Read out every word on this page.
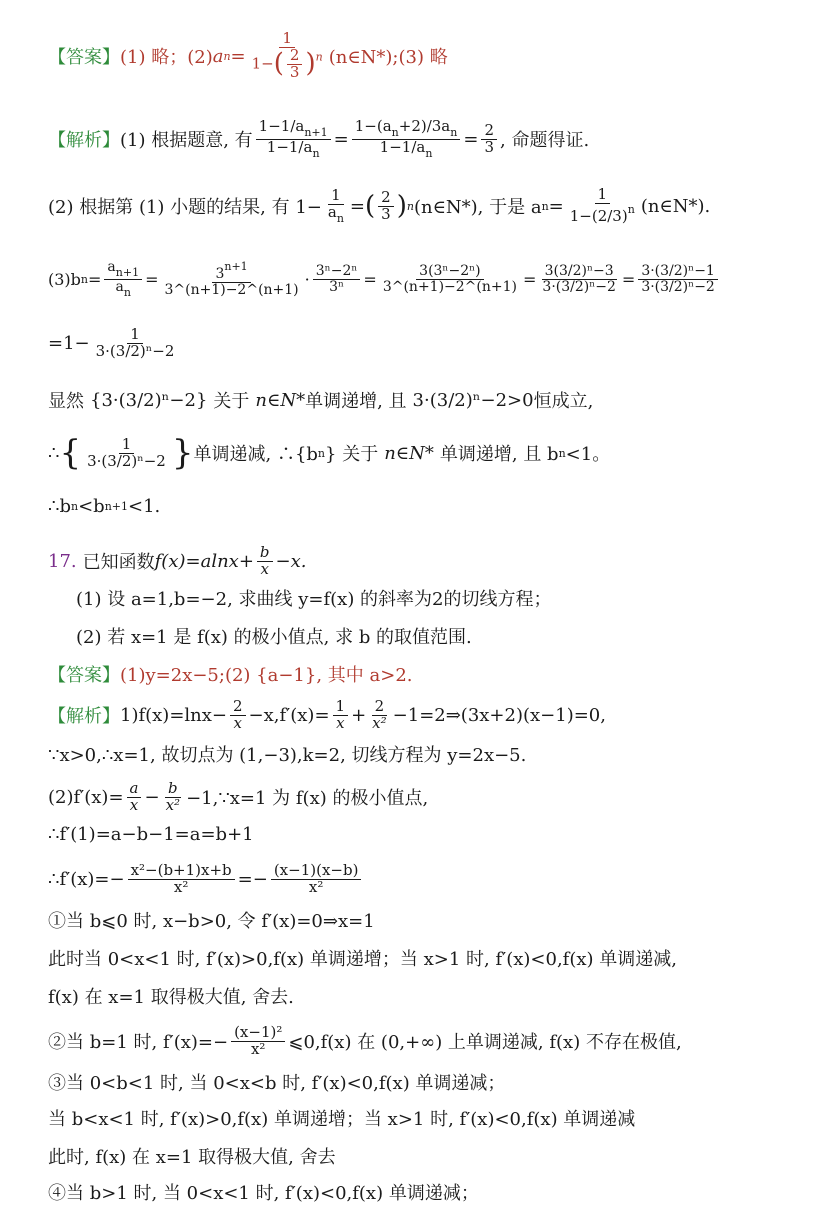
【答案】 (1) 略；(2) a $n = \frac{1}{1-( \frac{2}{3} )^n}$ (n∈N*);(3) 略
【解析】 (1) 根据题意, 有 $\frac{1-1/a_{n+1}}{1-1/a_n} = \frac{1-(a_n+2)/3a_n}{1-1/a_n} = \frac{2}{3}$ , 命题得证.
(2) 根据第 (1) 小题的结果, 有 $1- \frac{1}{a_n}$ = ( $\frac{2}{3}$ ) n (n∈N*), 于是 a $n = \frac{1}{1-(2/3)^n}$ (n∈N*).
(3)b $n = \frac{a_{n+1}}{a_n} = \frac{3^{n+1}}{3\^{}(n+1)-2\^{}(n+1)} \cdot \frac{\text{3ⁿ−2ⁿ}}{\text{3ⁿ}} = \frac{\text{3(3ⁿ−2ⁿ)}}{3\^{}(n+1)-2\^{}(n+1)} = \frac{\text{3(3/2)ⁿ−3}}{\text{3·(3/2)ⁿ−2}} = \frac{\text{3·(3/2)ⁿ−1}}{\text{3·(3/2)ⁿ−2}}$
$=1- \frac{1}{\text{3·(3/2)ⁿ−2}}$
显然 {3·(3/2)ⁿ−2} 关于 n∈N* 单调递增, 且 3·(3/2)ⁿ−2>0 恒成立,
∴ { $\frac{1}{\text{3·(3/2)ⁿ−2}}$ } 单调递减, ∴{b n } 关于 n∈N* 单调递增, 且 b n <1。
∴b n <b n+1 <1.
17. 已知函数 $f(x)=alnx+ \frac{b}{x} -x$.
(1) 设 a=1,b=−2, 求曲线 y=f(x) 的斜率为2的切线方程；
(2) 若 x=1 是 f(x) 的极小值点, 求 b 的取值范围.
【答案】 (1)y=2x−5;(2) {a−1}, 其中 a>2.
【解析】 $1)f(x)=\ln x- \frac{2}{x} -x,f'(x)= \frac{1}{x} + \frac{2}{\text{x²}}$ −1=2⇒(3x+2)(x−1)=0,
∵x>0,∴x=1, 故切点为 (1,−3),k=2, 切线方程为 y=2x−5.
$(2)f'(x)= \frac{a}{x} - \frac{b}{\text{x²}}$ −1,∵x=1 为 f(x) 的极小值点,
∴f′(1)=a−b−1=a=b+1
∴f′(x)=− $\frac{\text{x²−(b+1)x+b}}{\text{x²}} =- \frac{(x-1)(x-b)}{\text{x²}}$
①当 b⩽0 时, x−b>0, 令 f′(x)=0⇒x=1
此时当 0<x<1 时, f′(x)>0,f(x) 单调递增；当 x>1 时, f′(x)<0,f(x) 单调递减,
f(x) 在 x=1 取得极大值, 舍去.
②当 b=1 时, $f'(x)=- \frac{\text{(x−1)²}}{\text{x²}}$ ⩽0,f(x) 在 (0,+∞) 上单调递减, f(x) 不存在极值,
③当 0<b<1 时, 当 0<x<b 时, f′(x)<0,f(x) 单调递减；
当 b<x<1 时, f′(x)>0,f(x) 单调递增；当 x>1 时, f′(x)<0,f(x) 单调递减
此时, f(x) 在 x=1 取得极大值, 舍去
④当 b>1 时, 当 0<x<1 时, f′(x)<0,f(x) 单调递减；
